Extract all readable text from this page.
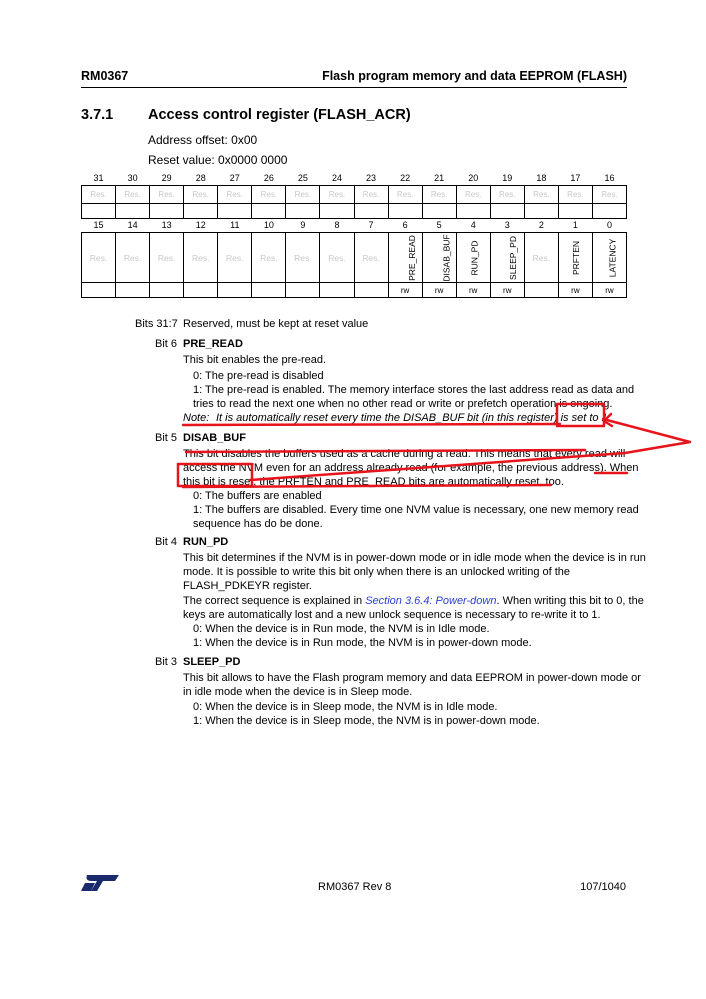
RM0367	Flash program memory and data EEPROM (FLASH)
3.7.1 Access control register (FLASH_ACR)
Address offset: 0x00
Reset value: 0x0000 0000
31	30	29	28	27	26	25	24	23	22	21	20	19	18	17	16
Res.	Res.	Res.	Res.	Res.	Res.	Res.	Res.	Res.	Res.	Res.	Res.	Res.	Res.	Res.	Res.

15	14	13	12	11	10	9	8	7	6	5	4	3	2	1	0
Res.	Res.	Res.	Res.	Res.	Res.	Res.	Res.	Res.	PRE_READ	DISAB_BUF	RUN_PD	SLEEP_PD	Res.	PRFTEN	LATENCY
									rw	rw	rw	rw		rw	rw
Bits 31:7 Reserved, must be kept at reset value
Bit 6 PRE_READ
This bit enables the pre-read.
0: The pre-read is disabled
1: The pre-read is enabled. The memory interface stores the last address read as data and
tries to read the next one when no other read or write or prefetch operation is ongoing.
Note: It is automatically reset every time the DISAB_BUF bit (in this register) is set to 1.
Bit 5 DISAB_BUF
This bit disables the buffers used as a cache during a read. This means that every read will
access the NVM even for an address already read (for example, the previous address). When
this bit is reset, the PRFTEN and PRE_READ bits are automatically reset, too.
0: The buffers are enabled
1: The buffers are disabled. Every time one NVM value is necessary, one new memory read
sequence has do be done.
Bit 4 RUN_PD
This bit determines if the NVM is in power-down mode or in idle mode when the device is in run
mode. It is possible to write this bit only when there is an unlocked writing of the
FLASH_PDKEYR register.
The correct sequence is explained in Section 3.6.4: Power-down. When writing this bit to 0, the
keys are automatically lost and a new unlock sequence is necessary to re-write it to 1.
0: When the device is in Run mode, the NVM is in Idle mode.
1: When the device is in Run mode, the NVM is in power-down mode.
Bit 3 SLEEP_PD
This bit allows to have the Flash program memory and data EEPROM in power-down mode or
in idle mode when the device is in Sleep mode.
0: When the device is in Sleep mode, the NVM is in Idle mode.
1: When the device is in Sleep mode, the NVM is in power-down mode.
RM0367 Rev 8	107/1040
